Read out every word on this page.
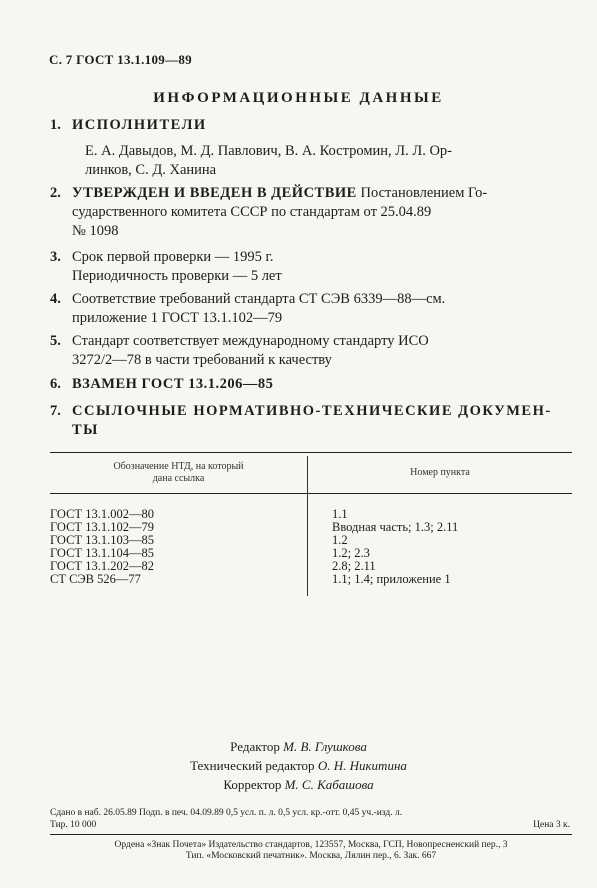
С. 7 ГОСТ 13.1.109—89
ИНФОРМАЦИОННЫЕ ДАННЫЕ
1. ИСПОЛНИТЕЛИ
Е. А. Давыдов, М. Д. Павлович, В. А. Костромин, Л. Л. Ор-
линков, С. Д. Ханина
2. УТВЕРЖДЕН И ВВЕДЕН В ДЕЙСТВИЕ Постановлением Го-
сударственного комитета СССР по стандартам от 25.04.89
№ 1098
3. Срок первой проверки — 1995 г.
Периодичность проверки — 5 лет
4. Соответствие требований стандарта СТ СЭВ 6339—88—см.
приложение 1 ГОСТ 13.1.102—79
5. Стандарт соответствует международному стандарту ИСО
3272/2—78 в части требований к качеству
6. ВЗАМЕН ГОСТ 13.1.206—85
7. ССЫЛОЧНЫЕ НОРМАТИВНО-ТЕХНИЧЕСКИЕ ДОКУМЕН-
ТЫ
Обозначение НТД, на который
дана ссылка
Номер пункта
ГОСТ 13.1.002—80
ГОСТ 13.1.102—79
ГОСТ 13.1.103—85
ГОСТ 13.1.104—85
ГОСТ 13.1.202—82
СТ СЭВ 526—77
1.1
Вводная часть; 1.3; 2.11
1.2
1.2; 2.3
2.8; 2.11
1.1; 1.4; приложение 1
Редактор М. В. Глушкова
Технический редактор О. Н. Никитина
Корректор М. С. Кабашова
Сдано в наб. 26.05.89 Подп. в печ. 04.09.89 0,5 усл. п. л. 0,5 усл. кр.-отт. 0,45 уч.-изд. л.
Тир. 10 000	Цена 3 к.
Ордена «Знак Почета» Издательство стандартов, 123557, Москва, ГСП, Новопресненский пер., 3
Тип. «Московский печатник». Москва, Лялин пер., 6. Зак. 667
